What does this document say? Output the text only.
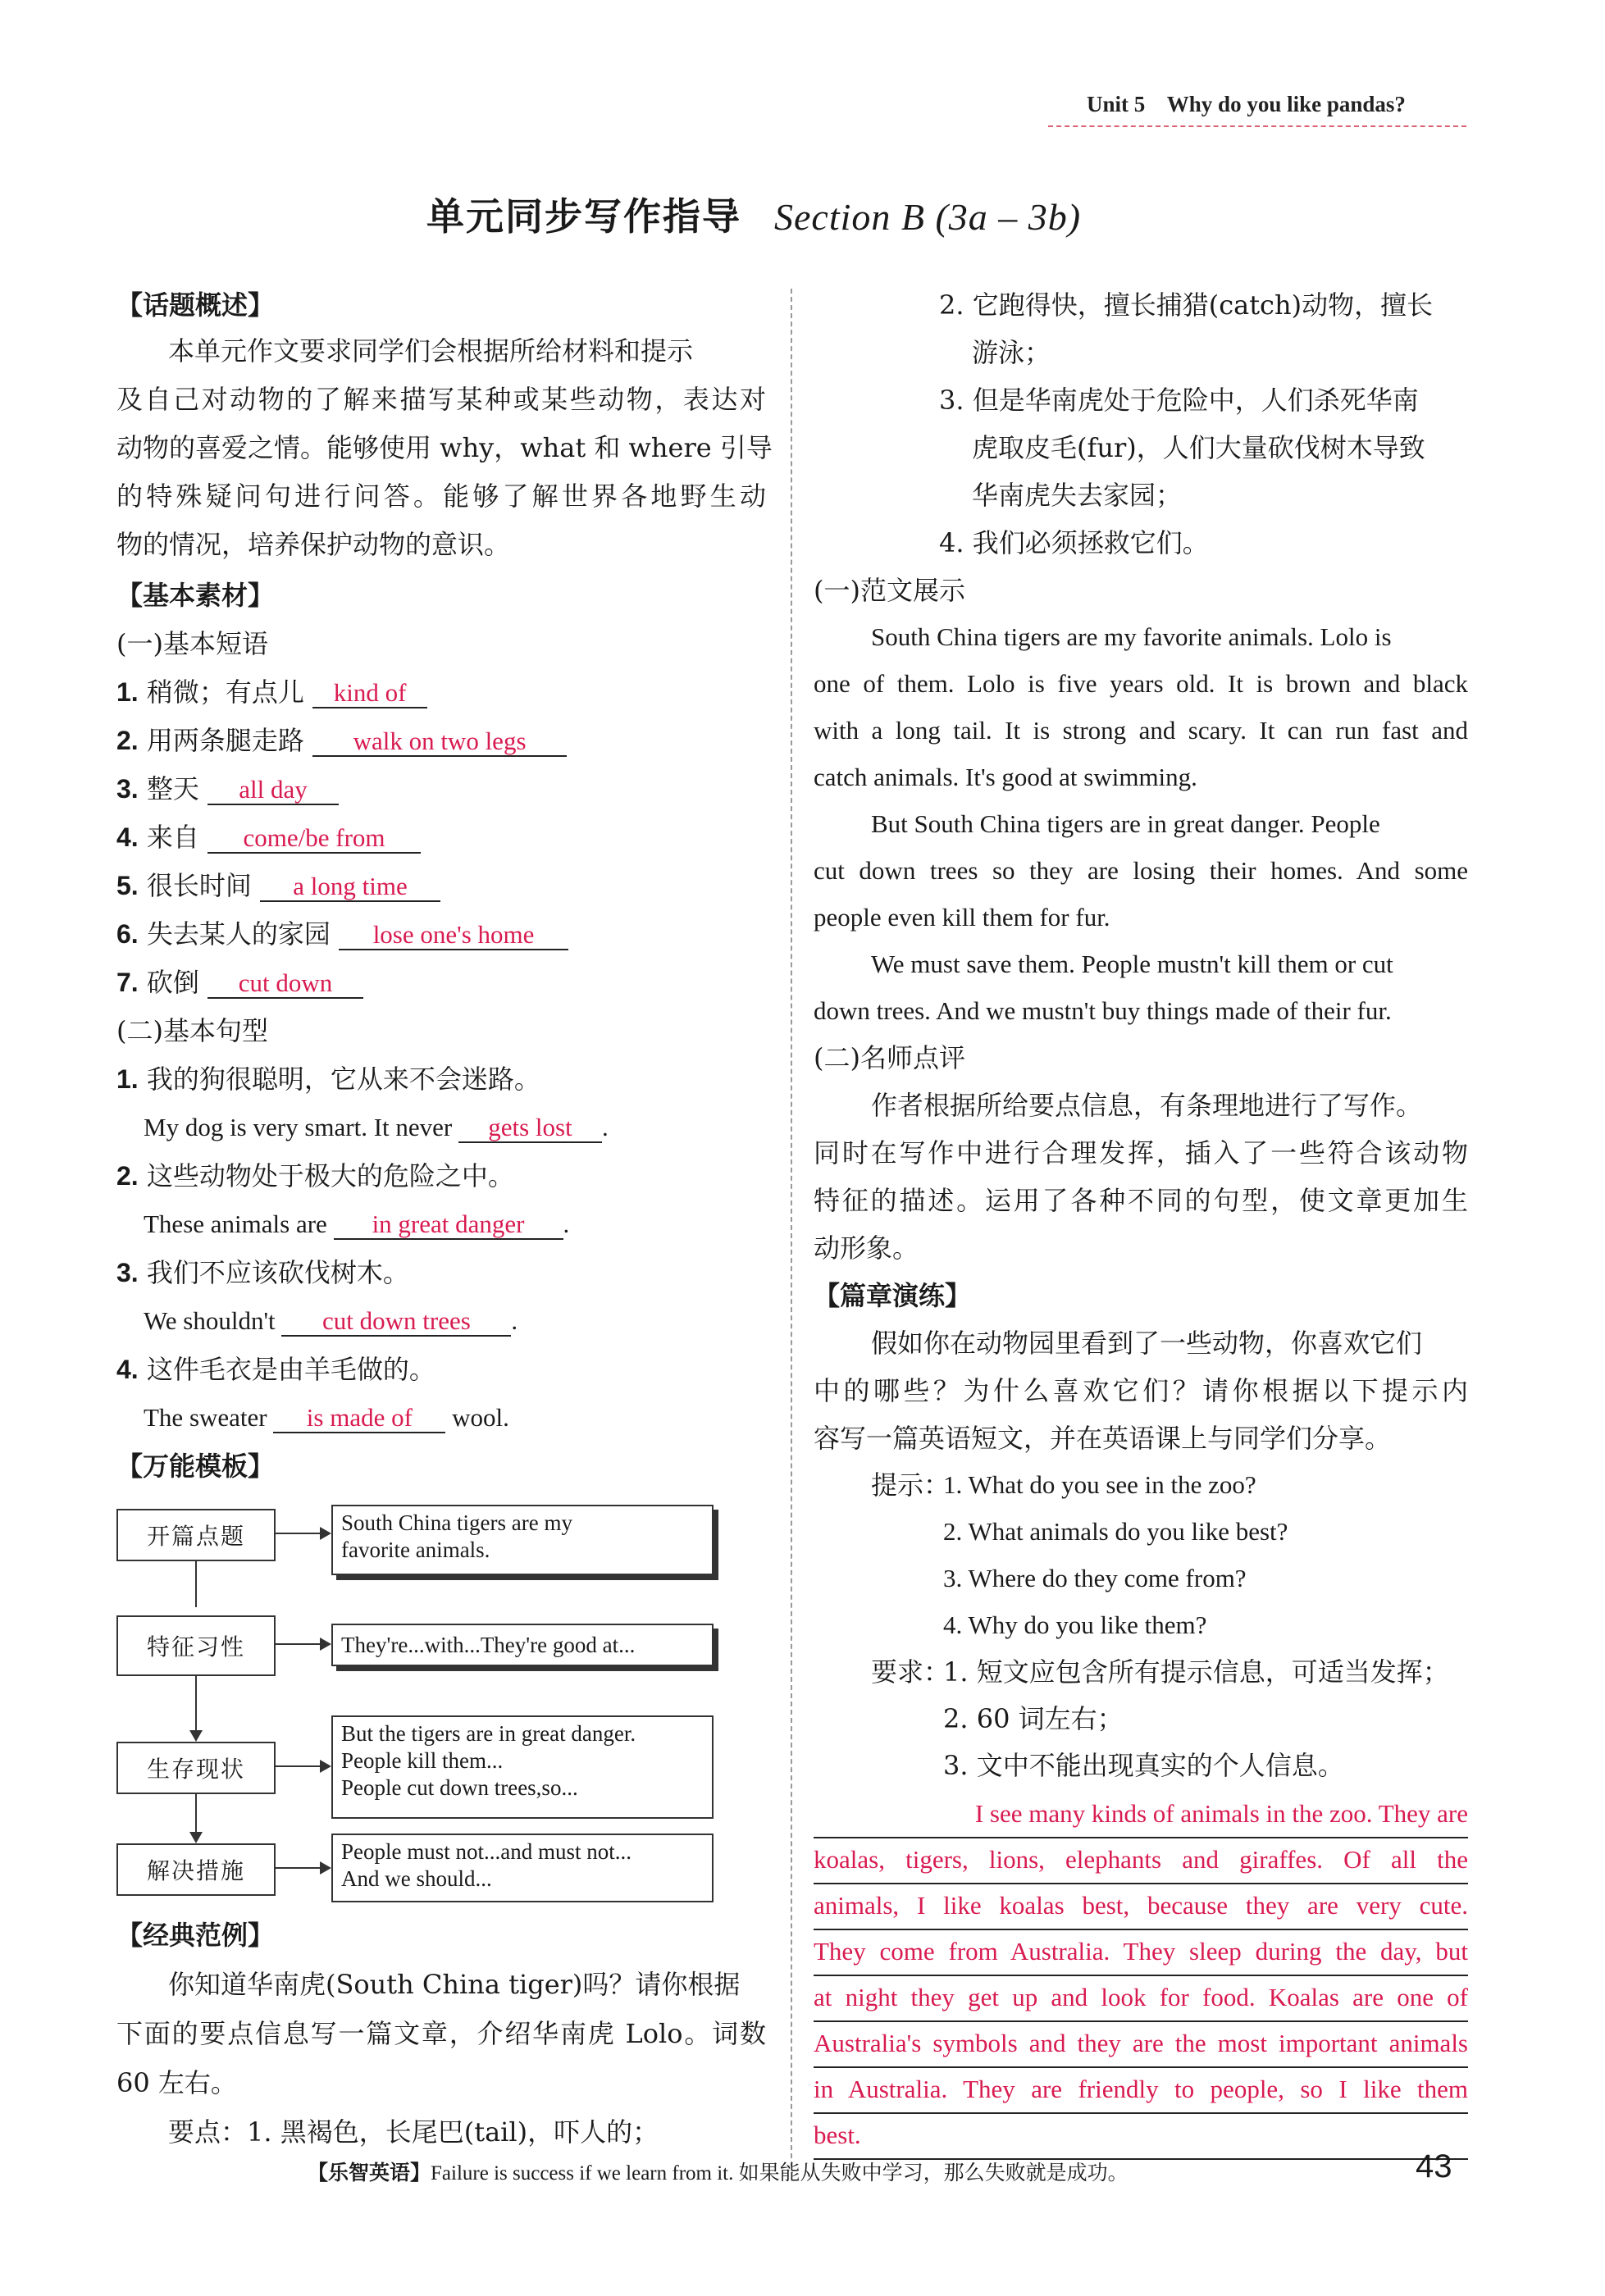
Unit 5 Why do you like pandas?
单元同步写作指导 Section B (3a – 3b)
【话题概述】
本单元作文要求同学们会根据所给材料和提示
及自己对动物的了解来描写某种或某些动物，表达对
动物的喜爱之情。能够使用 why，what 和 where 引导
的特殊疑问句进行问答。能够了解世界各地野生动
物的情况，培养保护动物的意识。
【基本素材】
(一)基本短语
1. 稍微；有点儿 kind of
2. 用两条腿走路 walk on two legs
3. 整天 all day
4. 来自 come/be from
5. 很长时间 a long time
6. 失去某人的家园 lose one's home
7. 砍倒 cut down
(二)基本句型
1. 我的狗很聪明，它从来不会迷路。
My dog is very smart. It never gets lost .
2. 这些动物处于极大的危险之中。
These animals are in great danger .
3. 我们不应该砍伐树木。
We shouldn't cut down trees .
4. 这件毛衣是由羊毛做的。
The sweater is made of wool.
【万能模板】
开篇点题	South China tigers are my
favorite animals.
特征习性	They're...with...They're good at...
生存现状
But the tigers are in great danger.
People kill them...
People cut down trees,so...
解决措施
People must not...and must not...
And we should...
【经典范例】
你知道华南虎(South China tiger)吗？请你根据
下面的要点信息写一篇文章，介绍华南虎 Lolo。词数
60 左右。
要点：1. 黑褐色，长尾巴(tail)，吓人的；
2. 它跑得快，擅长捕猎(catch)动物，擅长
游泳；
3. 但是华南虎处于危险中，人们杀死华南
虎取皮毛(fur)，人们大量砍伐树木导致
华南虎失去家园；
4. 我们必须拯救它们。
(一)范文展示
South China tigers are my favorite animals. Lolo is
one of them. Lolo is five years old. It is brown and black
with a long tail. It is strong and scary. It can run fast and
catch animals. It's good at swimming.
But South China tigers are in great danger. People
cut down trees so they are losing their homes. And some
people even kill them for fur.
We must save them. People mustn't kill them or cut
down trees. And we mustn't buy things made of their fur.
(二)名师点评
作者根据所给要点信息，有条理地进行了写作。
同时在写作中进行合理发挥，插入了一些符合该动物
特征的描述。运用了各种不同的句型，使文章更加生
动形象。
【篇章演练】
假如你在动物园里看到了一些动物，你喜欢它们
中的哪些？为什么喜欢它们？请你根据以下提示内
容写一篇英语短文，并在英语课上与同学们分享。
提示：
1. What do you see in the zoo?
2. What animals do you like best?
3. Where do they come from?
4. Why do you like them?
要求：
1. 短文应包含所有提示信息，可适当发挥；
2. 60 词左右；
3. 文中不能出现真实的个人信息。
I see many kinds of animals in the zoo. They are
koalas, tigers, lions, elephants and giraffes. Of all the
animals, I like koalas best, because they are very cute.
They come from Australia. They sleep during the day, but
at night they get up and look for food. Koalas are one of
Australia's symbols and they are the most important animals
in Australia. They are friendly to people, so I like them
best.
【乐智英语】Failure is success if we learn from it. 如果能从失败中学习，那么失败就是成功。	43
